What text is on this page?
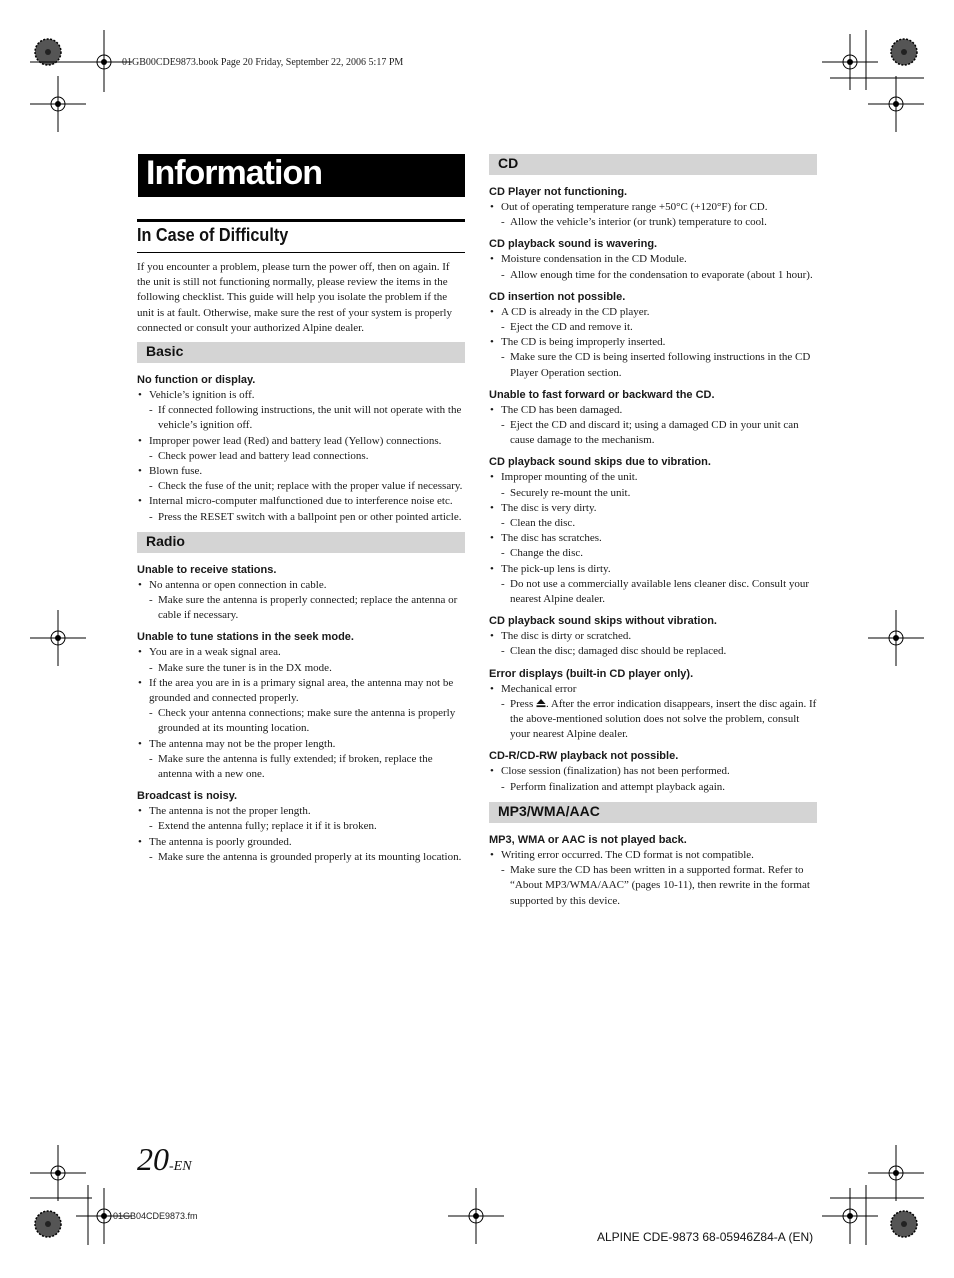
01GB00CDE9873.book Page 20 Friday, September 22, 2006 5:17 PM
01GB04CDE9873.fm
ALPINE CDE-9873 68-05946Z84-A (EN)
Information
In Case of Difficulty

If you encounter a problem, please turn the power off, then on again. If the unit is still not functioning normally, please review the items in the following checklist. This guide will help you isolate the problem if the unit is at fault. Otherwise, make sure the rest of your system is properly connected or consult your authorized Alpine dealer.

Basic

No function or display.

• Vehicle’s ignition is off.
- If connected following instructions, the unit will not operate with the vehicle’s ignition off.
• Improper power lead (Red) and battery lead (Yellow) connections.
- Check power lead and battery lead connections.
• Blown fuse.
- Check the fuse of the unit; replace with the proper value if necessary.
• Internal micro-computer malfunctioned due to interference noise etc.
- Press the RESET switch with a ballpoint pen or other pointed article.
Radio

Unable to receive stations.

• No antenna or open connection in cable.
- Make sure the antenna is properly connected; replace the antenna or cable if necessary.

Unable to tune stations in the seek mode.

• You are in a weak signal area.
- Make sure the tuner is in the DX mode.
• If the area you are in is a primary signal area, the antenna may not be grounded and connected properly.
- Check your antenna connections; make sure the antenna is properly grounded at its mounting location.
• The antenna may not be the proper length.
- Make sure the antenna is fully extended; if broken, replace the antenna with a new one.

Broadcast is noisy.

• The antenna is not the proper length.
- Extend the antenna fully; replace it if it is broken.
• The antenna is poorly grounded.
- Make sure the antenna is grounded properly at its mounting location.
CD

CD Player not functioning.

• Out of operating temperature range +50°C (+120°F) for CD.
- Allow the vehicle’s interior (or trunk) temperature to cool.

CD playback sound is wavering.

• Moisture condensation in the CD Module.
- Allow enough time for the condensation to evaporate (about 1 hour).

CD insertion not possible.

• A CD is already in the CD player.
- Eject the CD and remove it.
• The CD is being improperly inserted.
- Make sure the CD is being inserted following instructions in the CD Player Operation section.

Unable to fast forward or backward the CD.

• The CD has been damaged.
- Eject the CD and discard it; using a damaged CD in your unit can cause damage to the mechanism.

CD playback sound skips due to vibration.

• Improper mounting of the unit.
- Securely re-mount the unit.
• The disc is very dirty.
- Clean the disc.
• The disc has scratches.
- Change the disc.
• The pick-up lens is dirty.
- Do not use a commercially available lens cleaner disc. Consult your nearest Alpine dealer.

CD playback sound skips without vibration.

• The disc is dirty or scratched.
- Clean the disc; damaged disc should be replaced.

Error displays (built-in CD player only).

• Mechanical error
- Press . After the error indication disappears, insert the disc again. If the above-mentioned solution does not solve the problem, consult your nearest Alpine dealer.

CD-R/CD-RW playback not possible.

• Close session (finalization) has not been performed.
- Perform finalization and attempt playback again.
MP3/WMA/AAC

MP3, WMA or AAC is not played back.

• Writing error occurred. The CD format is not compatible.
- Make sure the CD has been written in a supported format. Refer to “About MP3/WMA/AAC” (pages 10-11), then rewrite in the format supported by this device.
20-EN
